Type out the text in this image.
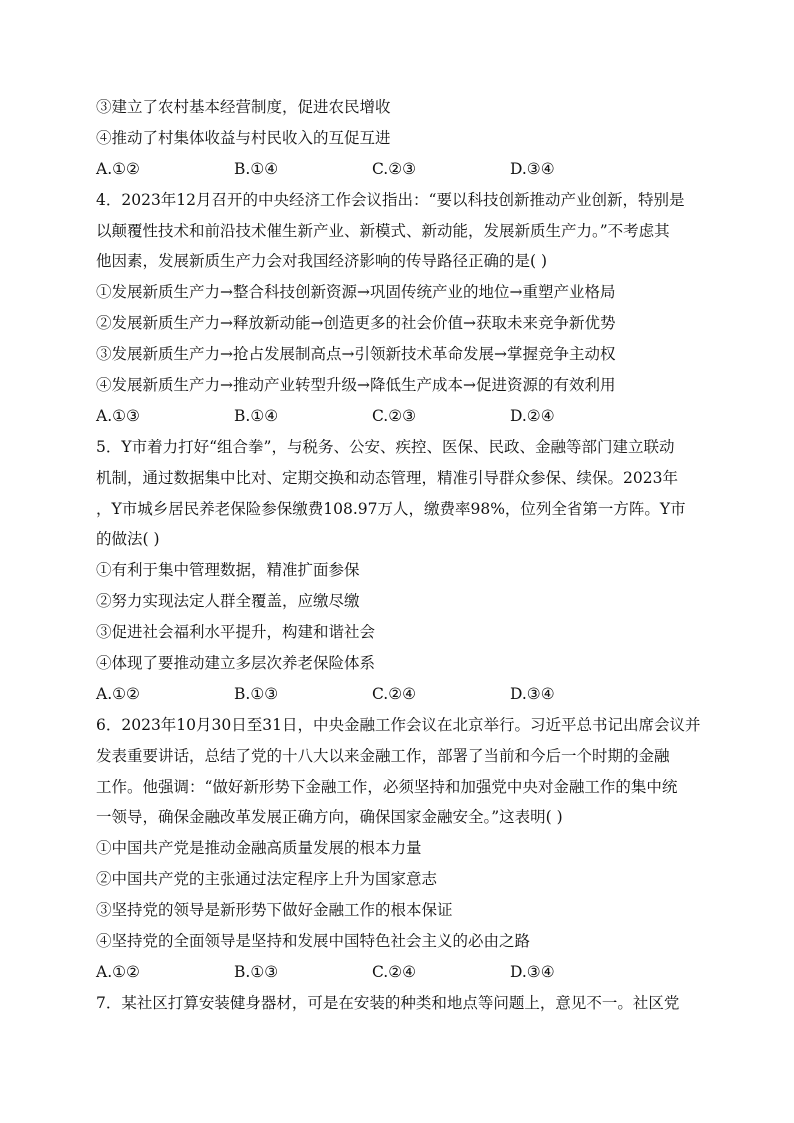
③建立了农村基本经营制度，促进农民增收
④推动了村集体收益与村民收入的互促互进
A.①②	B.①④	C.②③	D.③④
4．2023年12月召开的中央经济工作会议指出：“要以科技创新推动产业创新，特别是
以颠覆性技术和前沿技术催生新产业、新模式、新动能，发展新质生产力。”不考虑其
他因素，发展新质生产力会对我国经济影响的传导路径正确的是( )
①发展新质生产力→整合科技创新资源→巩固传统产业的地位→重塑产业格局
②发展新质生产力→释放新动能→创造更多的社会价值→获取未来竞争新优势
③发展新质生产力→抢占发展制高点→引领新技术革命发展→掌握竞争主动权
④发展新质生产力→推动产业转型升级→降低生产成本→促进资源的有效利用
A.①③	B.①④	C.②③	D.②④
5．Y市着力打好“组合拳”，与税务、公安、疾控、医保、民政、金融等部门建立联动
机制，通过数据集中比对、定期交换和动态管理，精准引导群众参保、续保。2023年
，Y市城乡居民养老保险参保缴费108.97万人，缴费率98%，位列全省第一方阵。Y市
的做法( )
①有利于集中管理数据，精准扩面参保
②努力实现法定人群全覆盖，应缴尽缴
③促进社会福利水平提升，构建和谐社会
④体现了要推动建立多层次养老保险体系
A.①②	B.①③	C.②④	D.③④
6．2023年10月30日至31日，中央金融工作会议在北京举行。习近平总书记出席会议并
发表重要讲话，总结了党的十八大以来金融工作，部署了当前和今后一个时期的金融
工作。他强调：“做好新形势下金融工作，必须坚持和加强党中央对金融工作的集中统
一领导，确保金融改革发展正确方向，确保国家金融安全。”这表明( )
①中国共产党是推动金融高质量发展的根本力量
②中国共产党的主张通过法定程序上升为国家意志
③坚持党的领导是新形势下做好金融工作的根本保证
④坚持党的全面领导是坚持和发展中国特色社会主义的必由之路
A.①②	B.①③	C.②④	D.③④
7．某社区打算安装健身器材，可是在安装的种类和地点等问题上，意见不一。社区党
